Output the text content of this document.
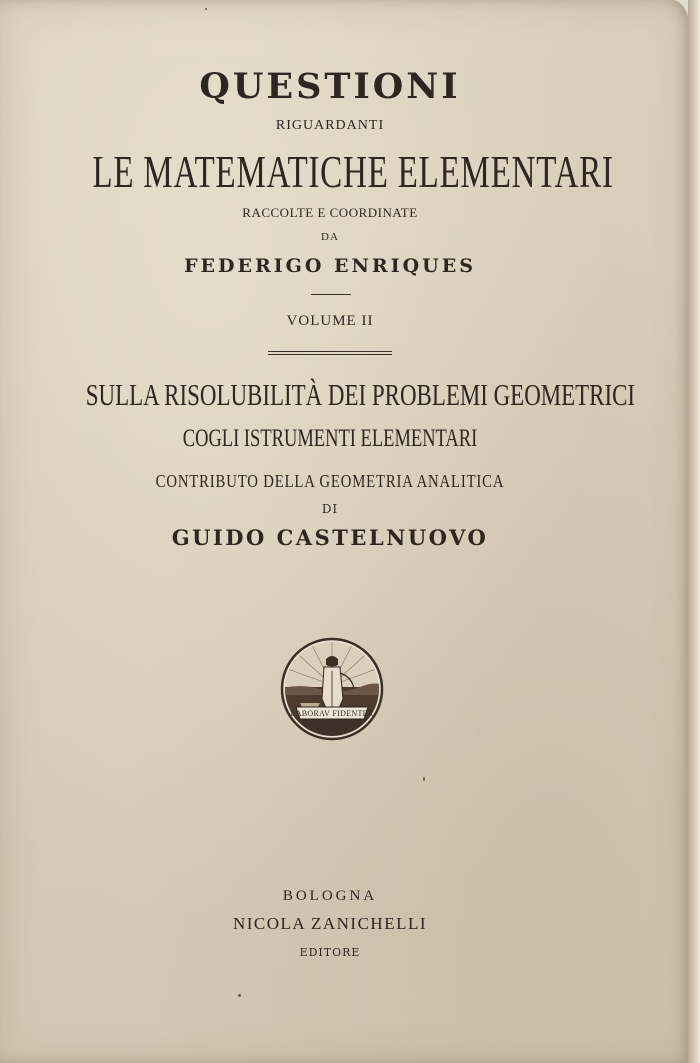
QUESTIONI
RIGUARDANTI
LE MATEMATICHE ELEMENTARI
RACCOLTE E COORDINATE
DA
FEDERIGO ENRIQUES
VOLUME II
SULLA RISOLUBILITÀ DEI PROBLEMI GEOMETRICI
COGLI ISTRUMENTI ELEMENTARI
CONTRIBUTO DELLA GEOMETRIA ANALITICA
DI
GUIDO CASTELNUOVO
LABORAV FIDENTER
BOLOGNA
NICOLA ZANICHELLI
EDITORE
